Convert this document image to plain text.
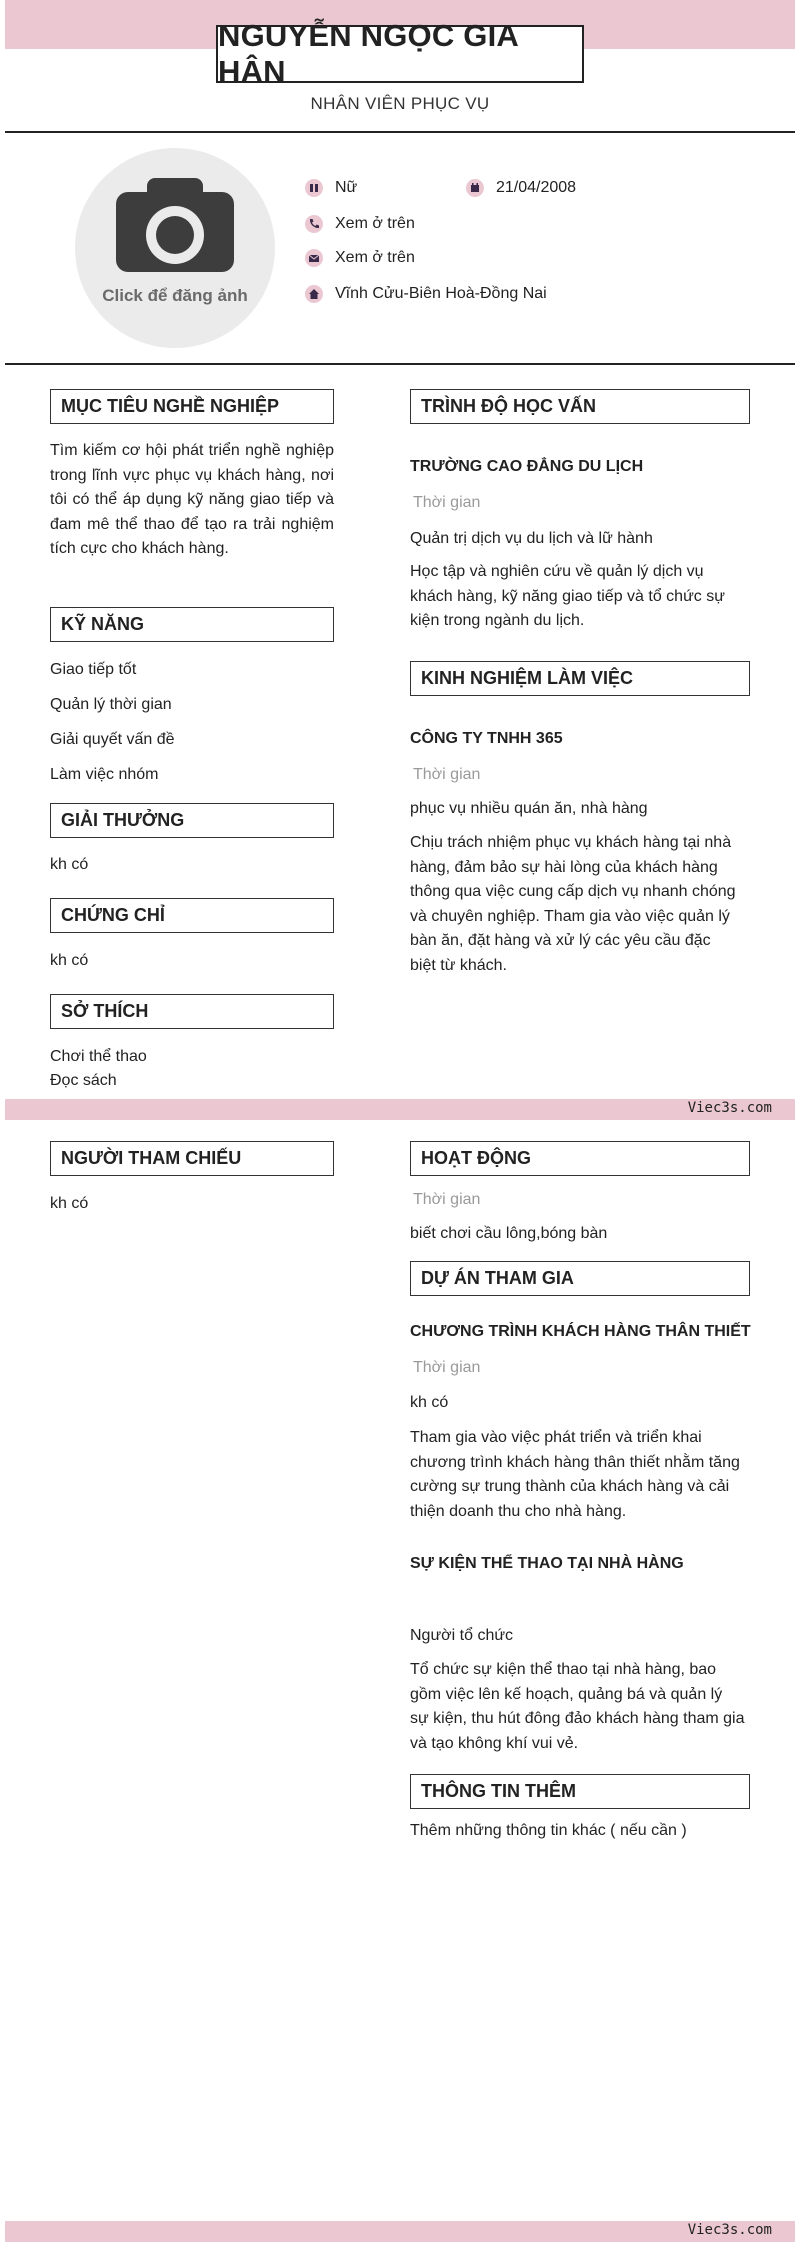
NGUYỄN NGỌC GIA HÂN
NHÂN VIÊN PHỤC VỤ
Click để đăng ảnh
Nữ	21/04/2008
Xem ở trên
Xem ở trên
Vĩnh Cửu-Biên Hoà-Đồng Nai
MỤC TIÊU NGHỀ NGHIỆP
Tìm kiếm cơ hội phát triển nghề nghiệp trong lĩnh vực phục vụ khách hàng, nơi tôi có thể áp dụng kỹ năng giao tiếp và đam mê thể thao để tạo ra trải nghiệm tích cực cho khách hàng.
KỸ NĂNG
Giao tiếp tốt
Quản lý thời gian
Giải quyết vấn đề
Làm việc nhóm
GIẢI THƯỞNG
kh có
CHỨNG CHỈ
kh có
SỞ THÍCH
Chơi thể thao
Đọc sách
TRÌNH ĐỘ HỌC VẤN
TRƯỜNG CAO ĐẲNG DU LỊCH
Thời gian
Quản trị dịch vụ du lịch và lữ hành
Học tập và nghiên cứu về quản lý dịch vụ khách hàng, kỹ năng giao tiếp và tổ chức sự kiện trong ngành du lịch.
KINH NGHIỆM LÀM VIỆC
CÔNG TY TNHH 365
Thời gian
phục vụ nhiều quán ăn, nhà hàng
Chịu trách nhiệm phục vụ khách hàng tại nhà hàng, đảm bảo sự hài lòng của khách hàng thông qua việc cung cấp dịch vụ nhanh chóng và chuyên nghiệp. Tham gia vào việc quản lý bàn ăn, đặt hàng và xử lý các yêu cầu đặc biệt từ khách.
Viec3s.com
NGƯỜI THAM CHIẾU
kh có
HOẠT ĐỘNG
Thời gian
biết chơi cầu lông,bóng bàn
DỰ ÁN THAM GIA
CHƯƠNG TRÌNH KHÁCH HÀNG THÂN THIẾT
Thời gian
kh có
Tham gia vào việc phát triển và triển khai chương trình khách hàng thân thiết nhằm tăng cường sự trung thành của khách hàng và cải thiện doanh thu cho nhà hàng.
SỰ KIỆN THỂ THAO TẠI NHÀ HÀNG
Người tổ chức
Tổ chức sự kiện thể thao tại nhà hàng, bao gồm việc lên kế hoạch, quảng bá và quản lý sự kiện, thu hút đông đảo khách hàng tham gia và tạo không khí vui vẻ.
THÔNG TIN THÊM
Thêm những thông tin khác ( nếu cần )
Viec3s.com
